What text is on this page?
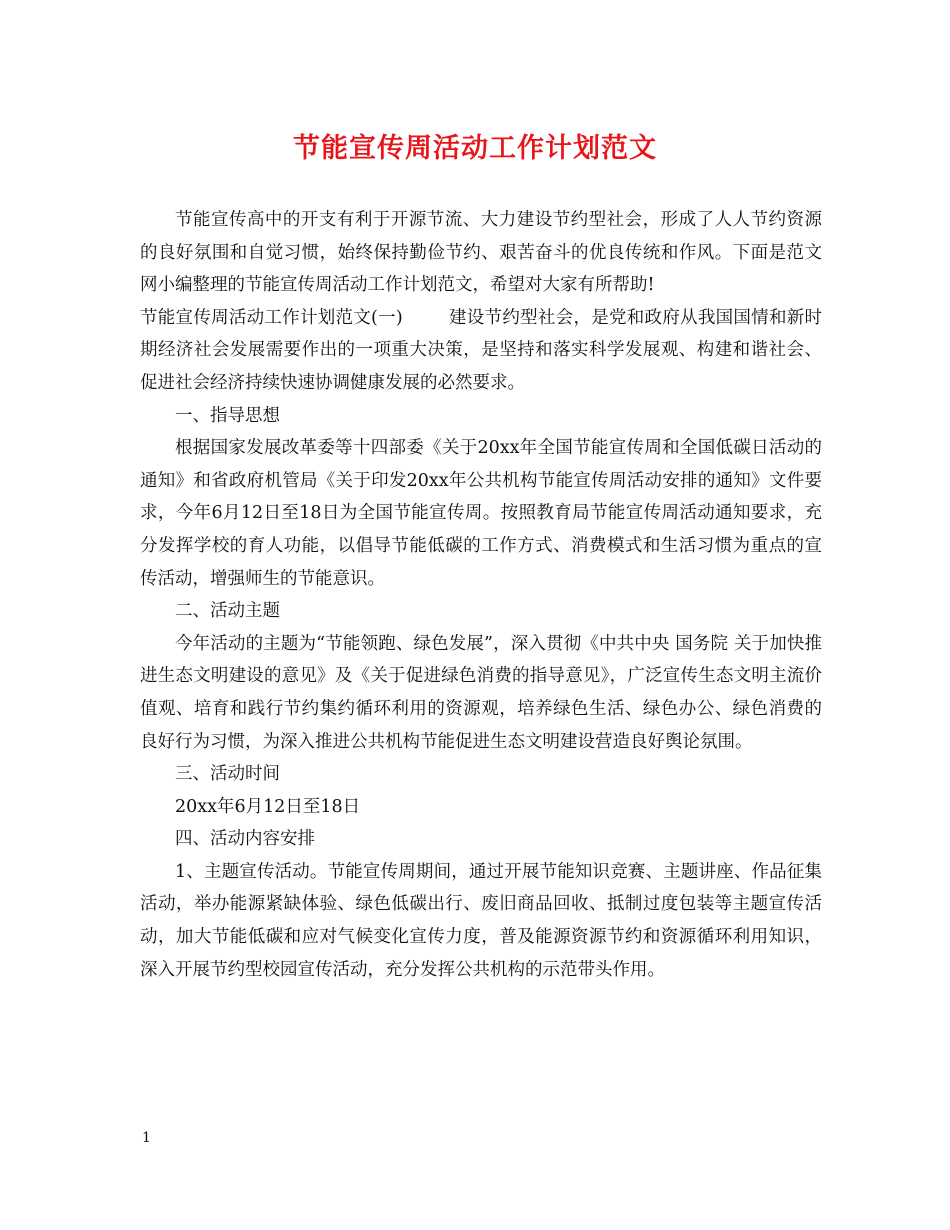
节能宣传周活动工作计划范文

节能宣传高中的开支有利于开源节流、大力建设节约型社会，形成了人人节约资源的良好氛围和自觉习惯，始终保持勤俭节约、艰苦奋斗的优良传统和作风。下面是范文网小编整理的节能宣传周活动工作计划范文，希望对大家有所帮助!

节能宣传周活动工作计划范文(一)	建设节约型社会，是党和政府从我国国情和新时期经济社会发展需要作出的一项重大决策，是坚持和落实科学发展观、构建和谐社会、促进社会经济持续快速协调健康发展的必然要求。

一、指导思想

根据国家发展改革委等十四部委《关于20xx年全国节能宣传周和全国低碳日活动的通知》和省政府机管局《关于印发20xx年公共机构节能宣传周活动安排的通知》文件要求，今年6月12日至18日为全国节能宣传周。按照教育局节能宣传周活动通知要求，充分发挥学校的育人功能，以倡导节能低碳的工作方式、消费模式和生活习惯为重点的宣传活动，增强师生的节能意识。

二、活动主题

今年活动的主题为“节能领跑、绿色发展”，深入贯彻《中共中央 国务院 关于加快推进生态文明建设的意见》及《关于促进绿色消费的指导意见》，广泛宣传生态文明主流价值观、培育和践行节约集约循环利用的资源观，培养绿色生活、绿色办公、绿色消费的良好行为习惯，为深入推进公共机构节能促进生态文明建设营造良好舆论氛围。

三、活动时间

20xx年6月12日至18日

四、活动内容安排

1、主题宣传活动。节能宣传周期间，通过开展节能知识竞赛、主题讲座、作品征集活动，举办能源紧缺体验、绿色低碳出行、废旧商品回收、抵制过度包装等主题宣传活动，加大节能低碳和应对气候变化宣传力度，普及能源资源节约和资源循环利用知识，深入开展节约型校园宣传活动，充分发挥公共机构的示范带头作用。

1
